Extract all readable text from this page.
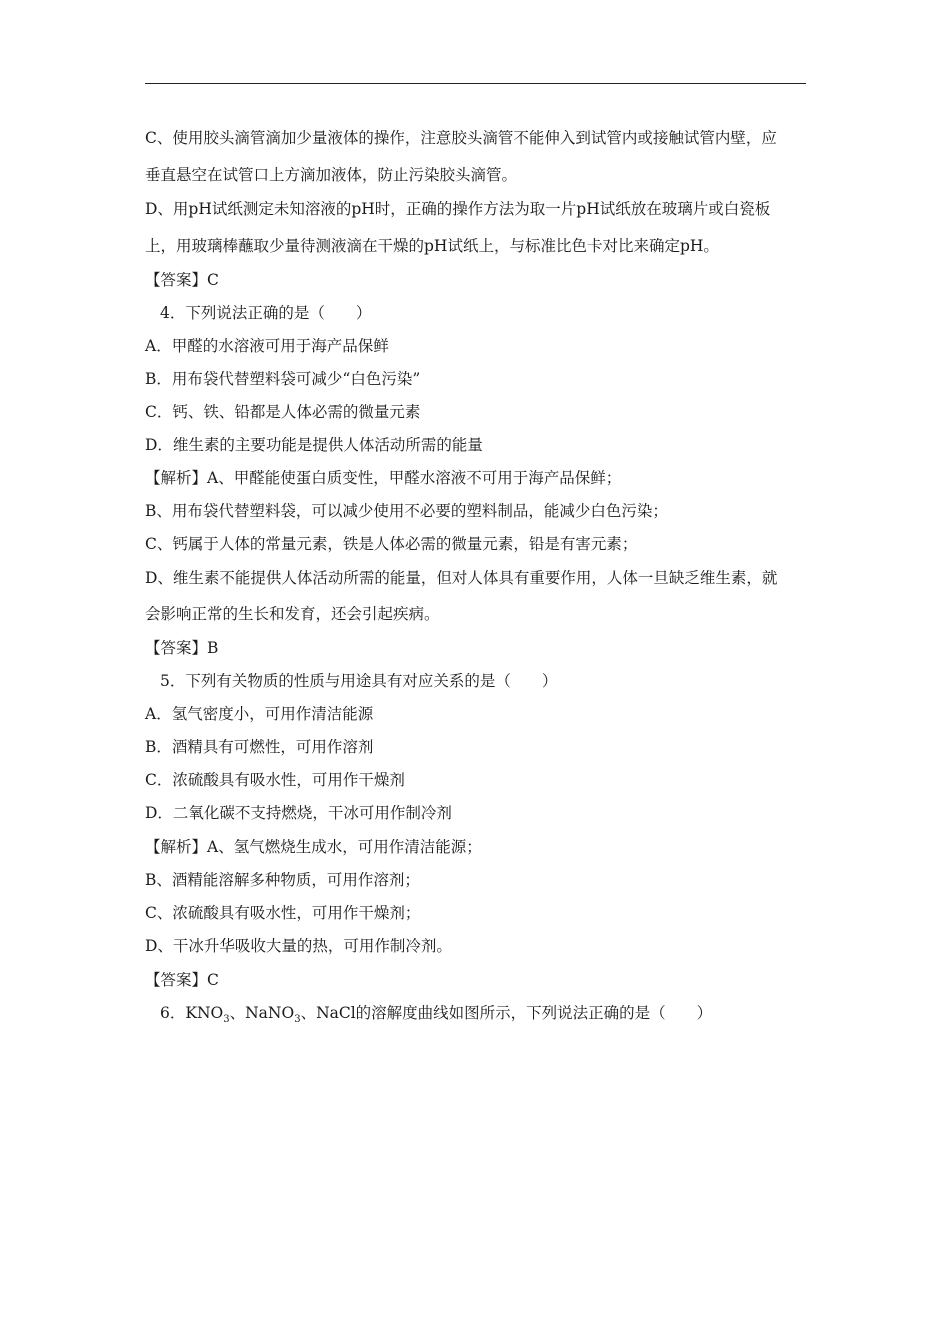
C、使用胶头滴管滴加少量液体的操作，注意胶头滴管不能伸入到试管内或接触试管内壁，应
垂直悬空在试管口上方滴加液体，防止污染胶头滴管。
D、用pH试纸测定未知溶液的pH时，正确的操作方法为取一片pH试纸放在玻璃片或白瓷板
上，用玻璃棒蘸取少量待测液滴在干燥的pH试纸上，与标准比色卡对比来确定pH。
【答案】C
4．下列说法正确的是（　　）
A．甲醛的水溶液可用于海产品保鲜
B．用布袋代替塑料袋可减少“白色污染”
C．钙、铁、铅都是人体必需的微量元素
D．维生素的主要功能是提供人体活动所需的能量
【解析】A、甲醛能使蛋白质变性，甲醛水溶液不可用于海产品保鲜；
B、用布袋代替塑料袋，可以减少使用不必要的塑料制品，能减少白色污染；
C、钙属于人体的常量元素，铁是人体必需的微量元素，铅是有害元素；
D、维生素不能提供人体活动所需的能量，但对人体具有重要作用，人体一旦缺乏维生素，就
会影响正常的生长和发育，还会引起疾病。
【答案】B
5．下列有关物质的性质与用途具有对应关系的是（　　）
A．氢气密度小，可用作清洁能源
B．酒精具有可燃性，可用作溶剂
C．浓硫酸具有吸水性，可用作干燥剂
D．二氧化碳不支持燃烧，干冰可用作制冷剂
【解析】A、氢气燃烧生成水，可用作清洁能源；
B、酒精能溶解多种物质，可用作溶剂；
C、浓硫酸具有吸水性，可用作干燥剂；
D、干冰升华吸收大量的热，可用作制冷剂。
【答案】C
6．$KNO_3$、NaNO$_3$、NaCl的溶解度曲线如图所示，下列说法正确的是（　　）
